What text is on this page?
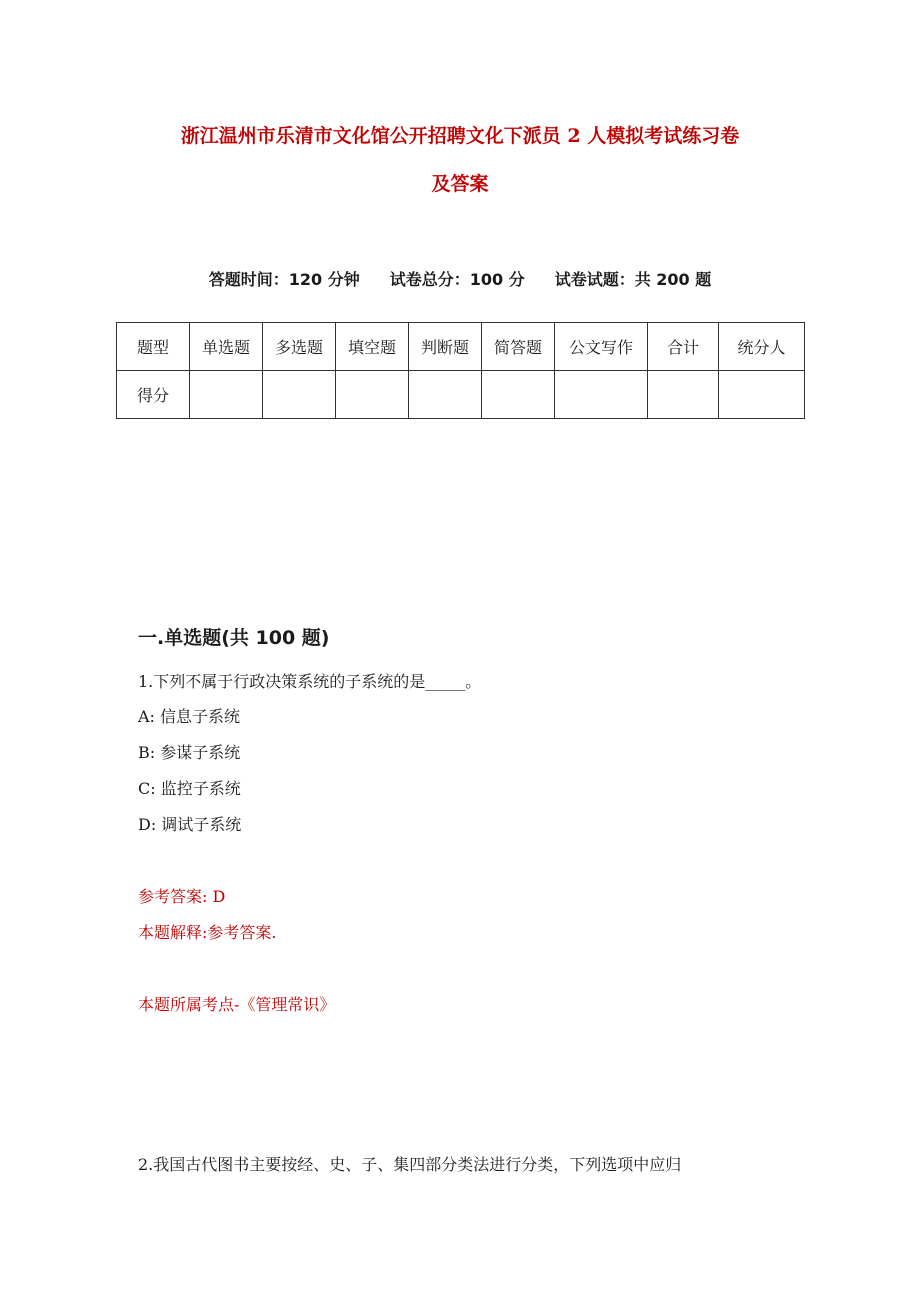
浙江温州市乐清市文化馆公开招聘文化下派员 2 人模拟考试练习卷
及答案
答题时间：120 分钟 试卷总分：100 分 试卷试题：共 200 题
题型	单选题	多选题	填空题	判断题	简答题	公文写作	合计	统分人
得分								
一.单选题(共 100 题)
1.下列不属于行政决策系统的子系统的是_____。
A: 信息子系统
B: 参谋子系统
C: 监控子系统
D: 调试子系统
参考答案: D
本题解释:参考答案.
本题所属考点-《管理常识》
2.我国古代图书主要按经、史、子、集四部分类法进行分类，下列选项中应归
